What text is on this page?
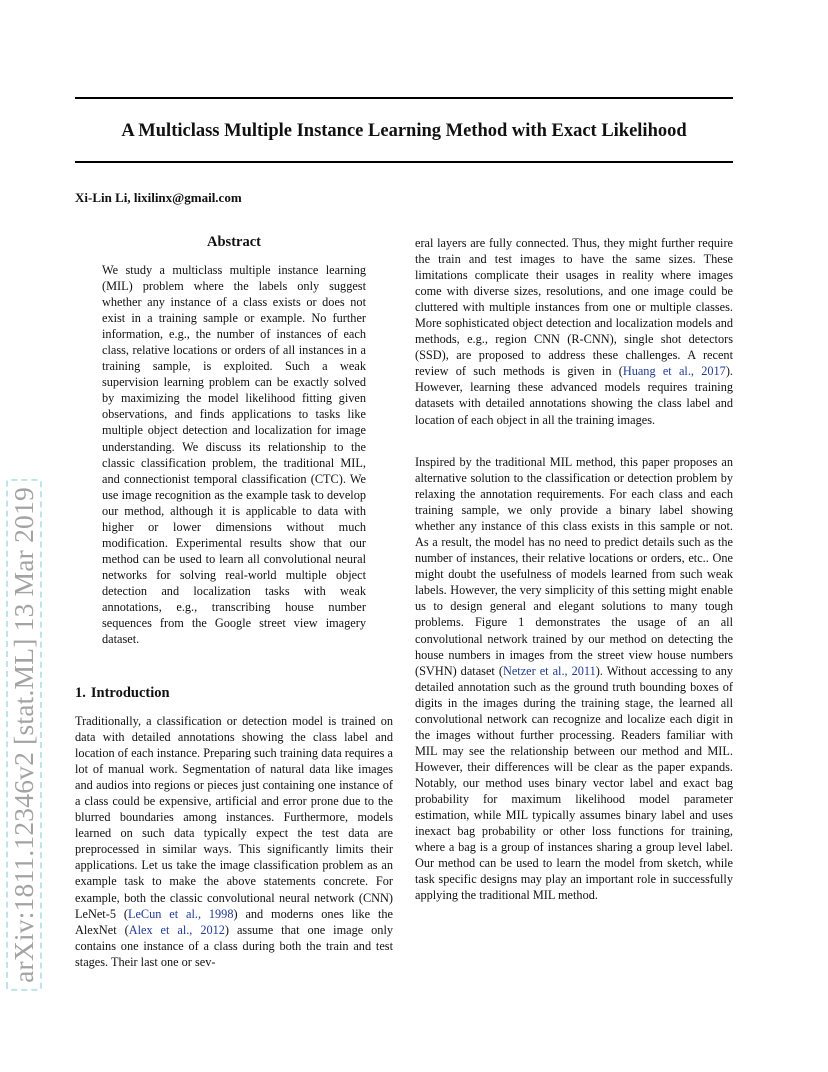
A Multiclass Multiple Instance Learning Method with Exact Likelihood
Xi-Lin Li, lixilinx@gmail.com
arXiv:1811.12346v2 [stat.ML] 13 Mar 2019
Abstract

We study a multiclass multiple instance learning (MIL) problem where the labels only suggest whether any instance of a class exists or does not exist in a training sample or example. No further information, e.g., the number of instances of each class, relative locations or orders of all instances in a training sample, is exploited. Such a weak supervision learning problem can be exactly solved by maximizing the model likelihood fitting given observations, and finds applications to tasks like multiple object detection and localization for image understanding. We discuss its relationship to the classic classification problem, the traditional MIL, and connectionist temporal classification (CTC). We use image recognition as the example task to develop our method, although it is applicable to data with higher or lower dimensions without much modification. Experimental results show that our method can be used to learn all convolutional neural networks for solving real-world multiple object detection and localization tasks with weak annotations, e.g., transcribing house number sequences from the Google street view imagery dataset.

1. Introduction

Traditionally, a classification or detection model is trained on data with detailed annotations showing the class label and location of each instance. Preparing such training data requires a lot of manual work. Segmentation of natural data like images and audios into regions or pieces just containing one instance of a class could be expensive, artificial and error prone due to the blurred boundaries among instances. Furthermore, models learned on such data typically expect the test data are preprocessed in similar ways. This significantly limits their applications. Let us take the image classification problem as an example task to make the above statements concrete. For example, both the classic convolutional neural network (CNN) LeNet-5 (LeCun et al., 1998) and moderns ones like the AlexNet (Alex et al., 2012) assume that one image only contains one instance of a class during both the train and test stages. Their last one or sev-

eral layers are fully connected. Thus, they might further require the train and test images to have the same sizes. These limitations complicate their usages in reality where images come with diverse sizes, resolutions, and one image could be cluttered with multiple instances from one or multiple classes. More sophisticated object detection and localization models and methods, e.g., region CNN (R-CNN), single shot detectors (SSD), are proposed to address these challenges. A recent review of such methods is given in (Huang et al., 2017). However, learning these advanced models requires training datasets with detailed annotations showing the class label and location of each object in all the training images.

Inspired by the traditional MIL method, this paper proposes an alternative solution to the classification or detection problem by relaxing the annotation requirements. For each class and each training sample, we only provide a binary label showing whether any instance of this class exists in this sample or not. As a result, the model has no need to predict details such as the number of instances, their relative locations or orders, etc.. One might doubt the usefulness of models learned from such weak labels. However, the very simplicity of this setting might enable us to design general and elegant solutions to many tough problems. Figure 1 demonstrates the usage of an all convolutional network trained by our method on detecting the house numbers in images from the street view house numbers (SVHN) dataset (Netzer et al., 2011). Without accessing to any detailed annotation such as the ground truth bounding boxes of digits in the images during the training stage, the learned all convolutional network can recognize and localize each digit in the images without further processing. Readers familiar with MIL may see the relationship between our method and MIL. However, their differences will be clear as the paper expands. Notably, our method uses binary vector label and exact bag probability for maximum likelihood model parameter estimation, while MIL typically assumes binary label and uses inexact bag probability or other loss functions for training, where a bag is a group of instances sharing a group level label. Our method can be used to learn the model from sketch, while task specific designs may play an important role in successfully applying the traditional MIL method.
